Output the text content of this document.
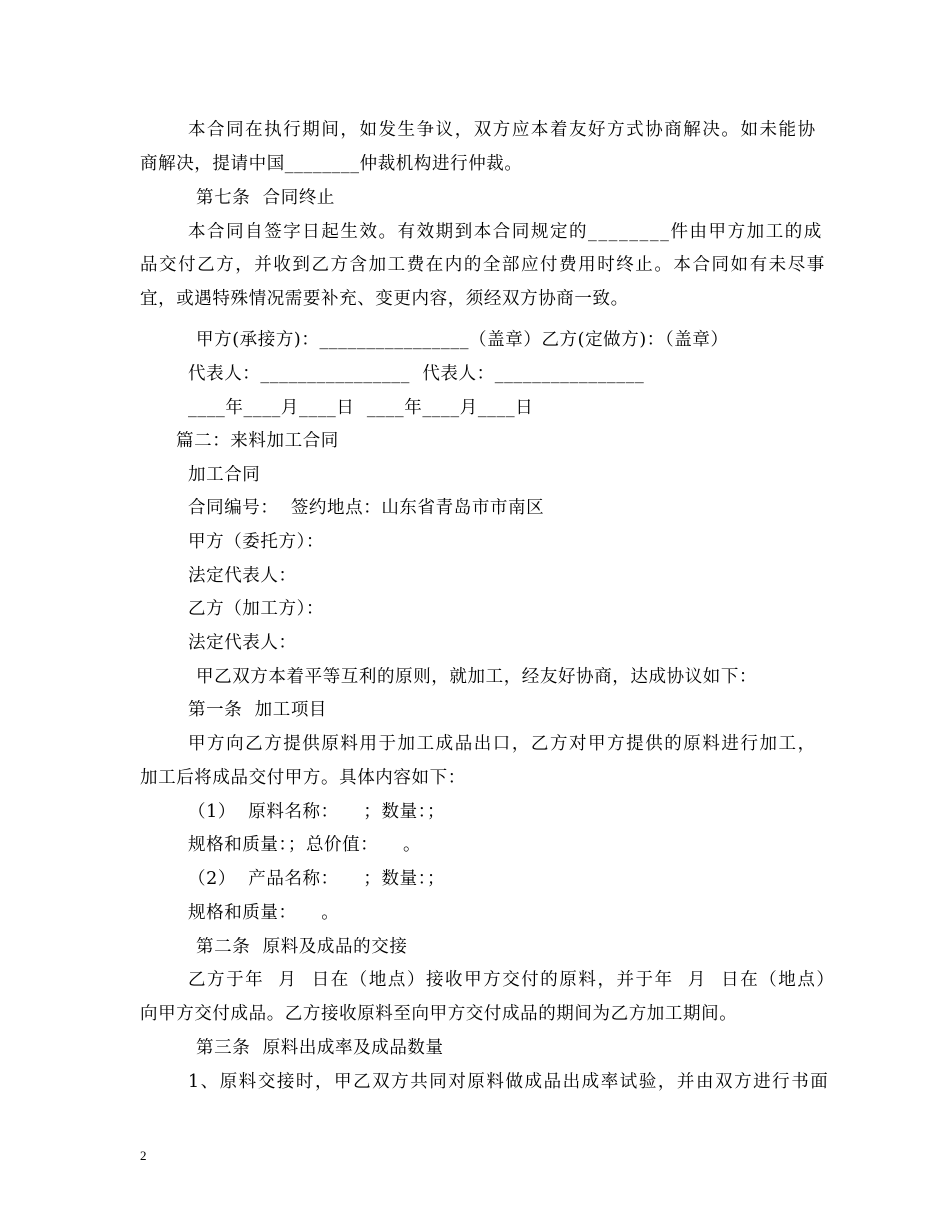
本合同在执行期间，如发生争议，双方应本着友好方式协商解决。如未能协
商解决，提请中国________仲裁机构进行仲裁。
第七条  合同终止
本合同自签字日起生效。有效期到本合同规定的________件由甲方加工的成
品交付乙方，并收到乙方含加工费在内的全部应付费用时终止。本合同如有未尽事
宜，或遇特殊情况需要补充、变更内容，须经双方协商一致。
甲方(承接方)：________________（盖章）乙方(定做方)：（盖章）
代表人：________________  代表人：________________
____年____月____日  ____年____月____日
篇二：来料加工合同
加工合同
合同编号：  签约地点：山东省青岛市市南区
甲方（委托方）：
法定代表人：
乙方（加工方）：
法定代表人：
甲乙双方本着平等互利的原则，就加工，经友好协商，达成协议如下：
第一条  加工项目
甲方向乙方提供原料用于加工成品出口，乙方对甲方提供的原料进行加工，
加工后将成品交付甲方。具体内容如下：
（1）  原料名称：    ；数量：；
规格和质量：；总价值：    。
（2）  产品名称：    ；数量：；
规格和质量：    。
第二条  原料及成品的交接
乙方于年  月  日在（地点）接收甲方交付的原料，并于年  月  日在（地点）
向甲方交付成品。乙方接收原料至向甲方交付成品的期间为乙方加工期间。
第三条  原料出成率及成品数量
1、原料交接时，甲乙双方共同对原料做成品出成率试验，并由双方进行书面
2
